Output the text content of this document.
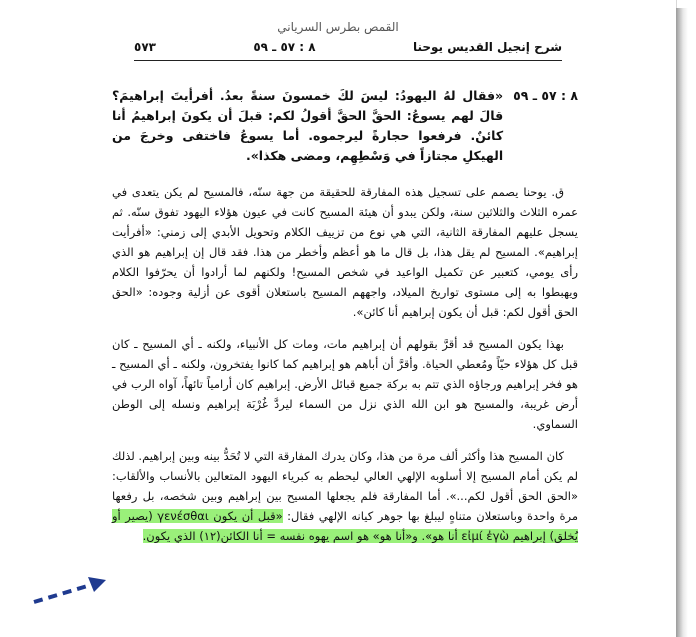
القمص بطرس السرياني
شرح إنجيل القديس يوحنا
٨ : ٥٧ ـ ٥٩
٥٧٣
٨ : ٥٧ ـ ٥٩
«فقال لهُ اليهودُ: ليسَ لكَ خمسونَ سنةً بعدُ. أفرأيتَ إبراهيمَ؟ قالَ لهم يسوعُ: الحقَّ الحقَّ أقولُ لكم: قبلَ أن يكونَ إبراهيمُ أنا كائنٌ. فرفعوا حجارةً ليرجموه. أما يسوعُ فاختفى وخرجَ من الهيكلِ مجتازاً في وَسْطِهِم، ومضى هكذا».

ق. يوحنا يصمم على تسجيل هذه المفارقة للحقيقة من جهة سنّه، فالمسيح لم يكن يتعدى في عمره الثلاث والثلاثين سنة، ولكن يبدو أن هيئة المسيح كانت في عيون هؤلاء اليهود تفوق سنّه. ثم يسجل عليهم المفارقة الثانية، التي هي نوع من تزييف الكلام وتحويل الأبدي إلى زمني: «أفرأيت إبراهيم». المسيح لم يقل هذا، بل قال ما هو أعظم وأخطر من هذا. فقد قال إن إبراهيم هو الذي رأى يومي، كتعبير عن تكميل الواعيد في شخص المسيح! ولكنهم لما أرادوا أن يحرّفوا الكلام ويهبطوا به إلى مستوى تواريخ الميلاد، واجههم المسيح باستعلان أقوى عن أزلية وجوده: «الحق الحق أقول لكم: قبل أن يكون إبراهيم أنا كائن».

بهذا يكون المسيح قد أقرَّ بقولهم أن إبراهيم مات، ومات كل الأنبياء، ولكنه ـ أي المسيح ـ كان قبل كل هؤلاء حيّاً ومُعطي الحياة. وأقرَّ أن أباهم هو إبراهيم كما كانوا يفتخرون، ولكنه ـ أي المسيح ـ هو فخر إبراهيم ورجاؤه الذي تتم به بركة جميع قبائل الأرض. إبراهيم كان أرامياً تائهاً، آواه الرب في أرض غريبة، والمسيح هو ابن الله الذي نزل من السماء ليردَّ غُرْبَة إبراهيم ونسله إلى الوطن السماوي.

كان المسيح هذا وأكثر ألف مرة من هذا، وكان يدرك المفارقة التي لا تُحَدُّ بينه وبين إبراهيم. لذلك لم يكن أمام المسيح إلا أسلوبه الإلهي العالي ليحطم به كبرياء اليهود المتعالين بالأنساب والألقاب: «الحق الحق أقول لكم...». أما المفارقة فلم يجعلها المسيح بين إبراهيم وبين شخصه، بل رفعها مرة واحدة وباستعلان متناهٍ ليبلغ بها جوهر كيانه الإلهي فقال: «قبل أن يكون γενέσθαι (يصير أو يُخلق) إبراهيم εἰμί ἐγὼ أنا هو». و«أنا هو» هو اسم يهوه نفسه = أنا الكائن(١٢) الذي يكون.
